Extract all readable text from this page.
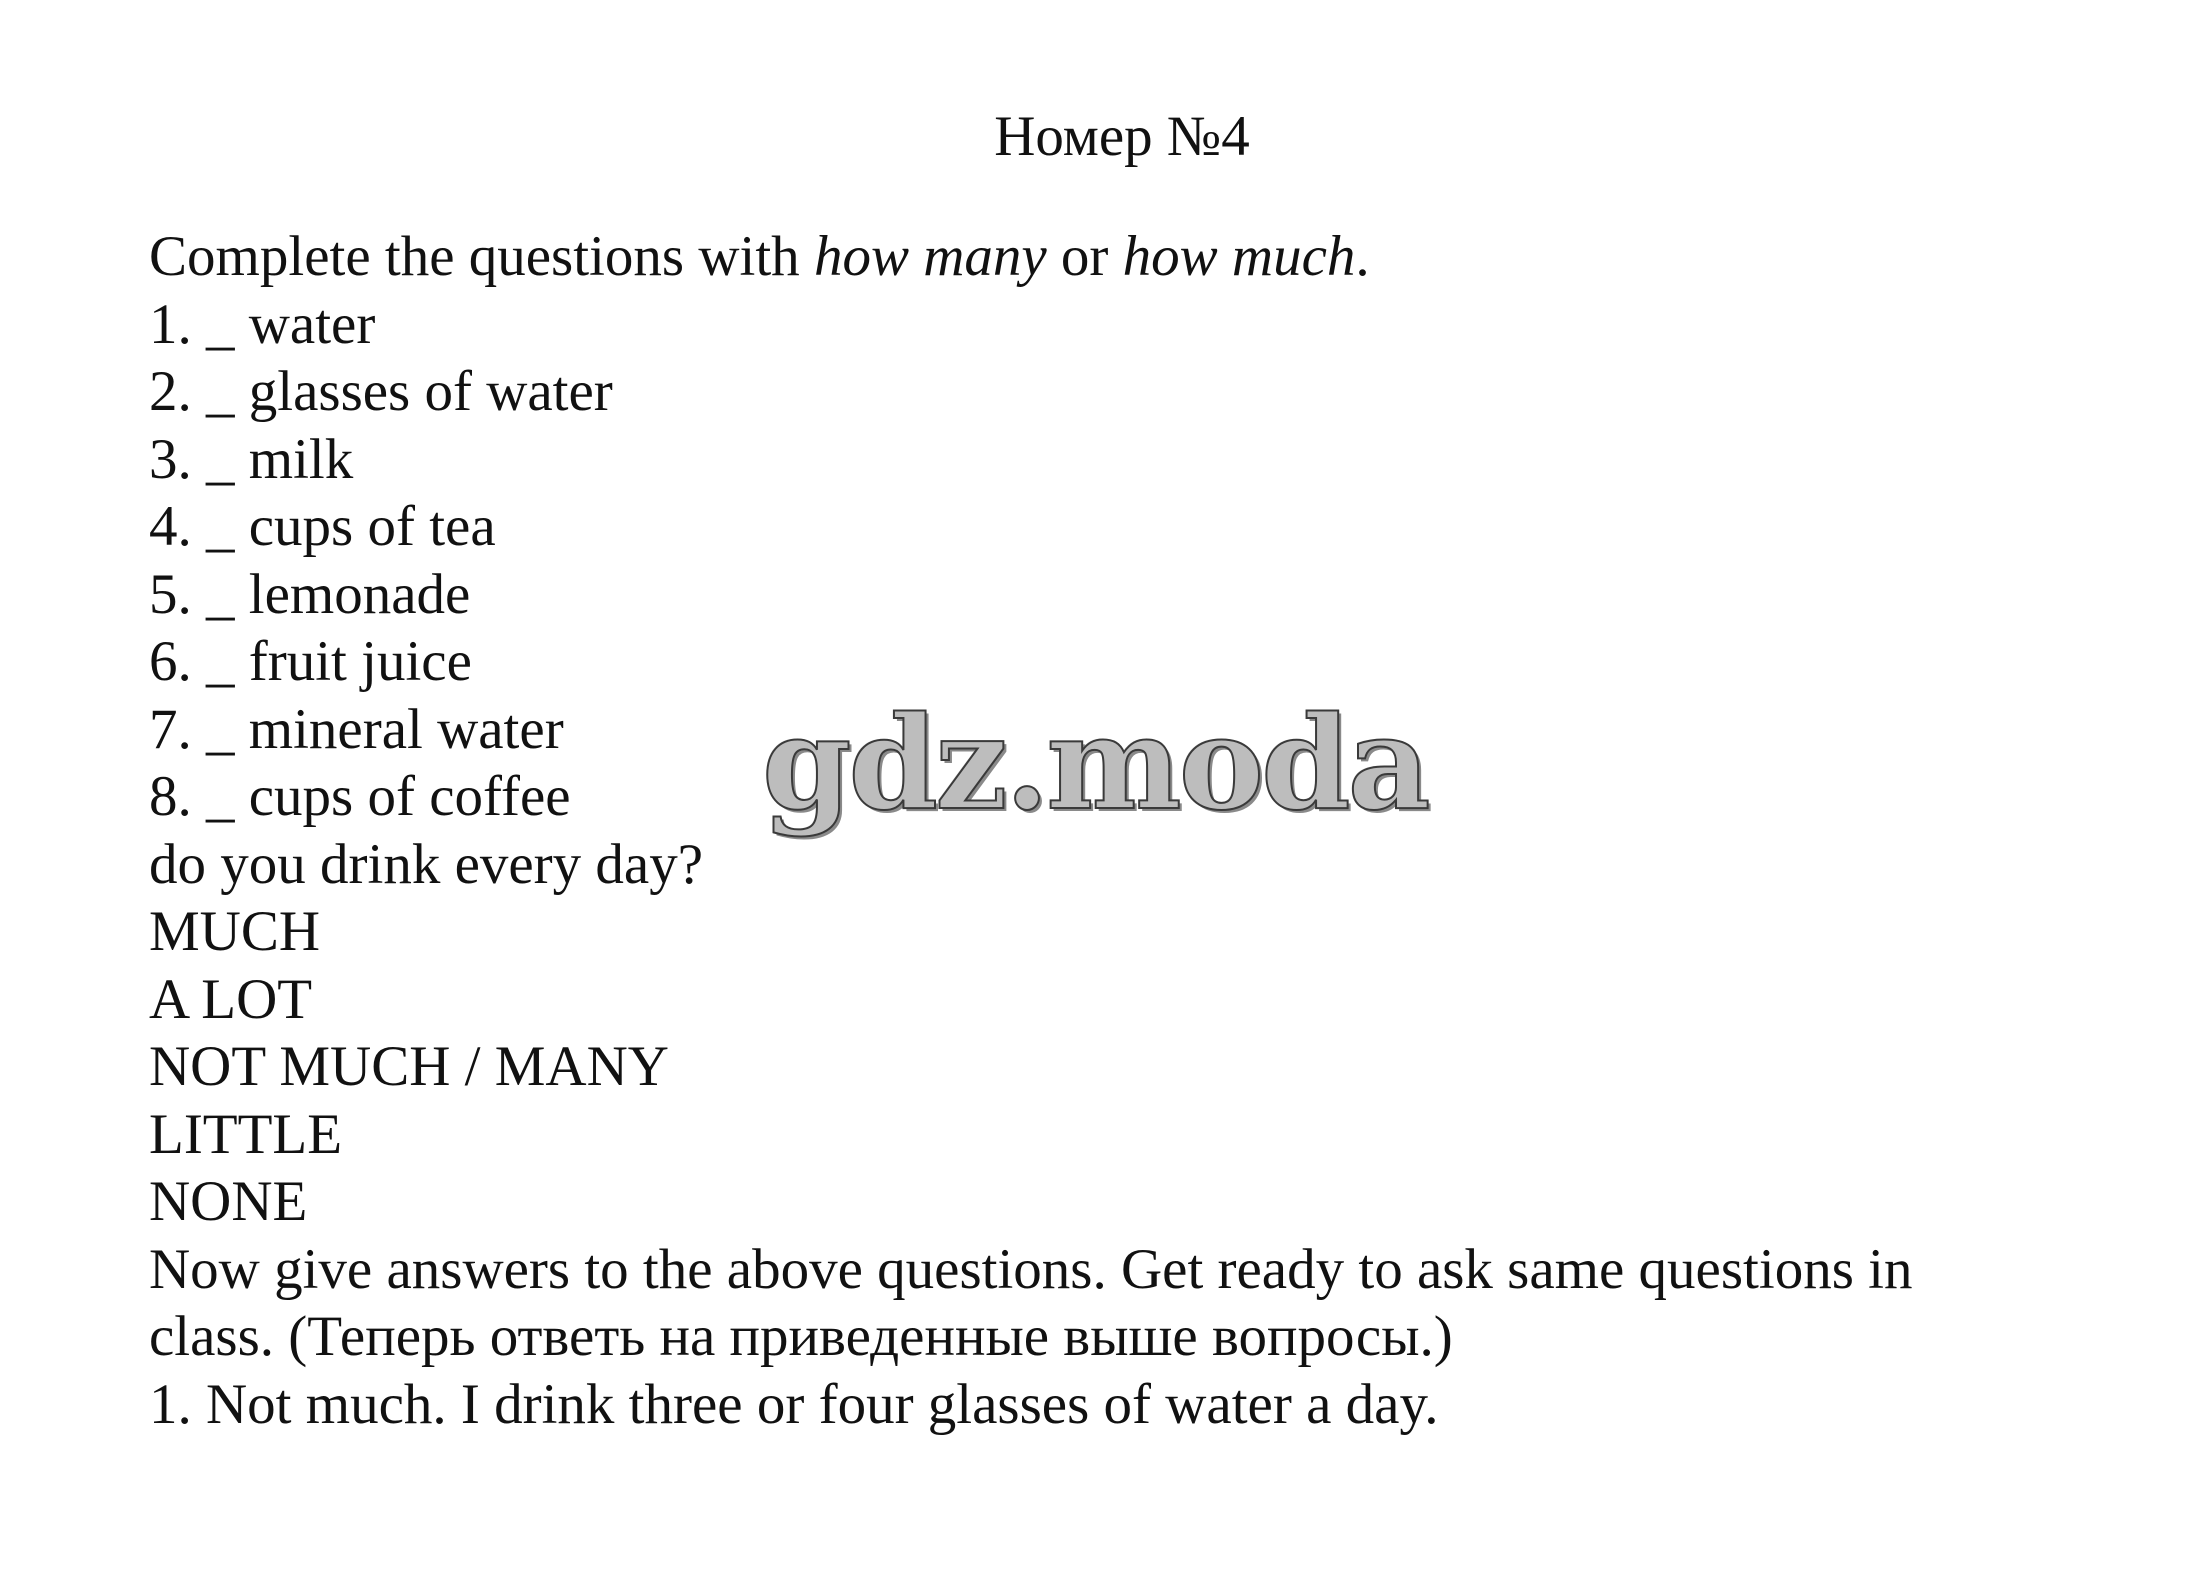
Номер №4
Complete the questions with how many or how much.
1. _ water
2. _ glasses of water
3. _ milk
4. _ cups of tea
5. _ lemonade
6. _ fruit juice
7. _ mineral water
8. _ cups of coffee
do you drink every day?
MUCH
A LOT
NOT MUCH / MANY
LITTLE
NONE
Now give answers to the above questions. Get ready to ask same questions in
class. (Теперь ответь на приведенные выше вопросы.)
1. Not much. I drink three or four glasses of water a day.
gdz.moda
